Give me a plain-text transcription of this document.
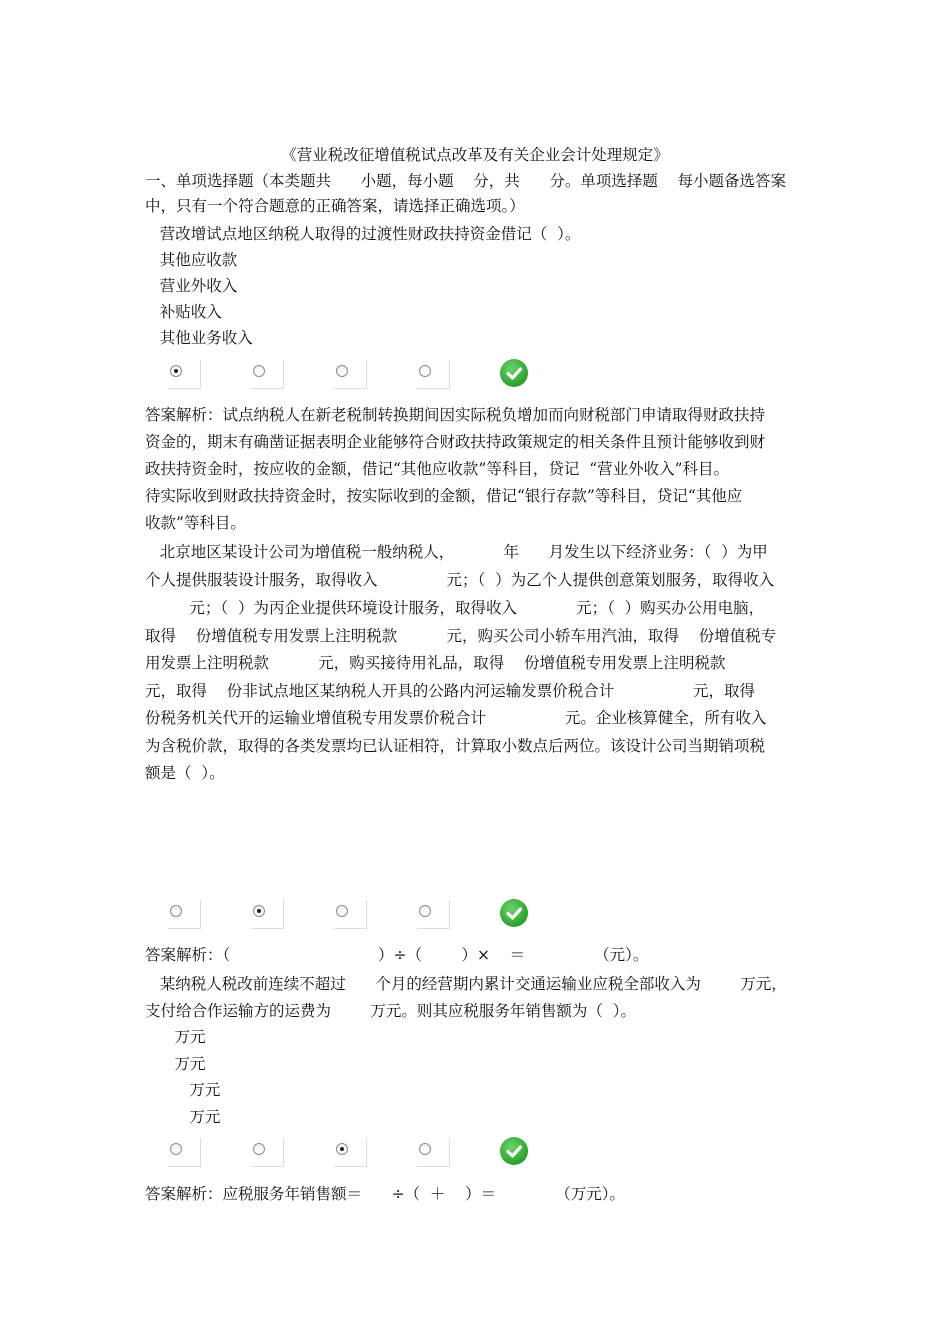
《营业税改征增值税试点改革及有关企业会计处理规定》
一、单项选择题（本类题共      小题，每小题    分，共      分。单项选择题    每小题备选答案
中，只有一个符合题意的正确答案，请选择正确选项。）
营改增试点地区纳税人取得的过渡性财政扶持资金借记（  ）。
其他应收款
营业外收入
补贴收入
其他业务收入
答案解析：试点纳税人在新老税制转换期间因实际税负增加而向财税部门申请取得财政扶持
资金的，期末有确凿证据表明企业能够符合财政扶持政策规定的相关条件且预计能够收到财
政扶持资金时，按应收的金额，借记“其他应收款”等科目，贷记  “营业外收入”科目。
待实际收到财政扶持资金时，按实际收到的金额，借记“银行存款”等科目，贷记“其他应
收款”等科目。
北京地区某设计公司为增值税一般纳税人，          年      月发生以下经济业务：（  ）为甲
个人提供服装设计服务，取得收入              元；（  ）为乙个人提供创意策划服务，取得收入
元；（  ）为丙企业提供环境设计服务，取得收入            元；（  ）购买办公用电脑，
取得    份增值税专用发票上注明税款          元，购买公司小轿车用汽油，取得    份增值税专
用发票上注明税款          元，购买接待用礼品，取得    份增值税专用发票上注明税款
元，取得    份非试点地区某纳税人开具的公路内河运输发票价税合计                元，取得
份税务机关代开的运输业增值税专用发票价税合计                元。企业核算健全，所有收入
为含税价款，取得的各类发票均已认证相符，计算取小数点后两位。该设计公司当期销项税
额是（  ）。
答案解析：（                              ）÷（        ）×    ＝              （元）。
某纳税人税改前连续不超过      个月的经营期内累计交通运输业应税全部收入为        万元，
支付给合作运输方的运费为        万元。则其应税服务年销售额为（  ）。
万元
万元
万元
万元
答案解析：应税服务年销售额＝      ÷（  ＋    ）＝            （万元）。
